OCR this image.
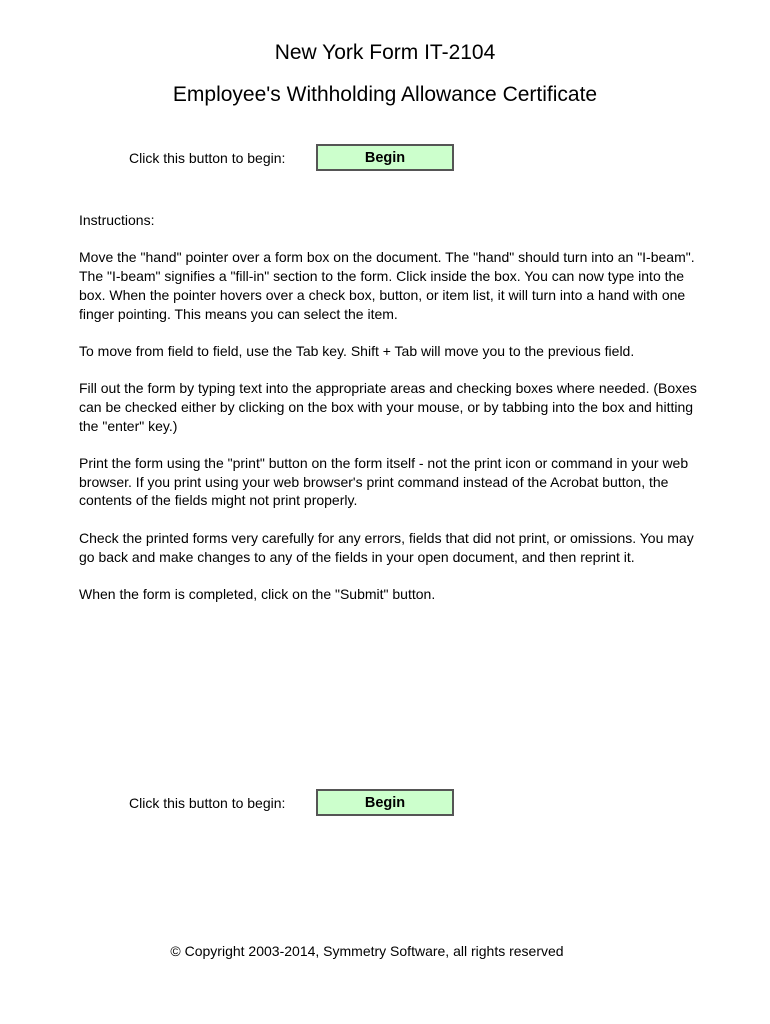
New York Form IT-2104
Employee's Withholding Allowance Certificate
Click this button to begin:	Begin

Instructions:

Move the "hand" pointer over a form box on the document. The "hand" should turn into an "I-beam". The "I-beam" signifies a "fill-in" section to the form. Click inside the box. You can now type into the box. When the pointer hovers over a check box, button, or item list, it will turn into a hand with one finger pointing. This means you can select the item.

To move from field to field, use the Tab key. Shift + Tab will move you to the previous field.

Fill out the form by typing text into the appropriate areas and checking boxes where needed. (Boxes can be checked either by clicking on the box with your mouse, or by tabbing into the box and hitting the "enter" key.)

Print the form using the "print" button on the form itself - not the print icon or command in your web browser. If you print using your web browser's print command instead of the Acrobat button, the contents of the fields might not print properly.

Check the printed forms very carefully for any errors, fields that did not print, or omissions. You may go back and make changes to any of the fields in your open document, and then reprint it.

When the form is completed, click on the "Submit" button.

Click this button to begin:	Begin
© Copyright 2003-2014, Symmetry Software, all rights reserved
